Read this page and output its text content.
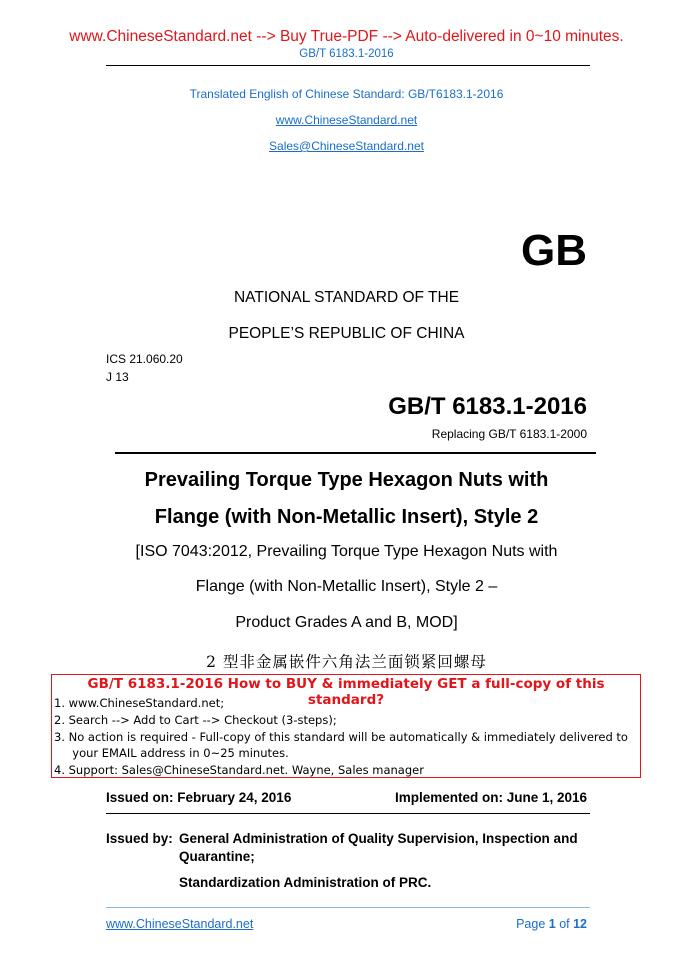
www.ChineseStandard.net --> Buy True-PDF --> Auto-delivered in 0~10 minutes.
GB/T 6183.1-2016
Translated English of Chinese Standard: GB/T6183.1-2016
www.ChineseStandard.net
Sales@ChineseStandard.net
GB
NATIONAL STANDARD OF THE
PEOPLE’S REPUBLIC OF CHINA
ICS 21.060.20
J 13
GB/T 6183.1-2016
Replacing GB/T 6183.1-2000
Prevailing Torque Type Hexagon Nuts with
Flange (with Non-Metallic Insert), Style 2
[ISO 7043:2012, Prevailing Torque Type Hexagon Nuts with
Flange (with Non-Metallic Insert), Style 2 –
Product Grades A and B, MOD]
2 型非金属嵌件六角法兰面锁紧回螺母
GB/T 6183.1-2016 How to BUY & immediately GET a full-copy of this standard?
1. www.ChineseStandard.net;
2. Search --> Add to Cart --> Checkout (3-steps);
3. No action is required - Full-copy of this standard will be automatically & immediately delivered to
your EMAIL address in 0~25 minutes.
4. Support: Sales@ChineseStandard.net. Wayne, Sales manager
Issued on: February 24, 2016	Implemented on: June 1, 2016
Issued by: General Administration of Quality Supervision, Inspection and
Quarantine;
Standardization Administration of PRC.
www.ChineseStandard.net	Page 1 of 12
